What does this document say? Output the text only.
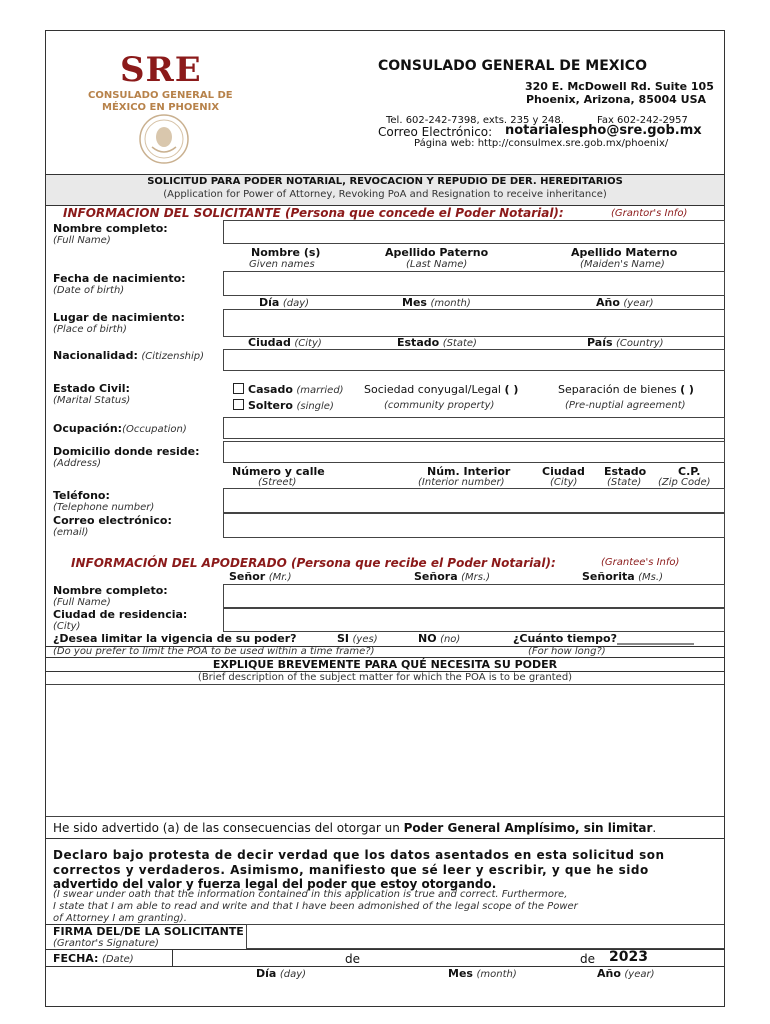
SRE
CONSULADO GENERAL DE
MÉXICO EN PHOENIX
CONSULADO GENERAL DE MEXICO
320 E. McDowell Rd. Suite 105
Phoenix, Arizona, 85004 USA
Tel. 602-242-7398, exts. 235 y 248.	Fax 602-242-2957
Correo Electrónico: notarialespho@sre.gob.mx
Página web: http://consulmex.sre.gob.mx/phoenix/
SOLICITUD PARA PODER NOTARIAL, REVOCACION Y REPUDIO DE DER. HEREDITARIOS
(Application for Power of Attorney, Revoking PoA and Resignation to receive inheritance)
INFORMACION DEL SOLICITANTE (Persona que concede el Poder Notarial):	(Grantor's Info)
Nombre completo:
(Full Name)
Nombre (s)
Given names
Apellido Paterno
(Last Name)
Apellido Materno
(Maiden's Name)
Fecha de nacimiento:
(Date of birth)
Día (day)	Mes (month)	Año (year)
Lugar de nacimiento:
(Place of birth)
Ciudad (City)	Estado (State)	País (Country)
Nacionalidad: (Citizenship)
Estado Civil:
(Marital Status)
Casado (married)
Soltero (single)
Sociedad conyugal/Legal ( )
(community property)
Separación de bienes ( )
(Pre-nuptial agreement)
Ocupación:(Occupation)
Domicilio donde reside:
(Address)
Número y calle
(Street)
Núm. Interior
(Interior number)
Ciudad
(City)
Estado
(State)
C.P.
(Zip Code)
Teléfono:
(Telephone number)
Correo electrónico:
(email)
INFORMACIÓN DEL APODERADO (Persona que recibe el Poder Notarial):	(Grantee's Info)
Señor (Mr.)	Señora (Mrs.)	Señorita (Ms.)
Nombre completo:
(Full Name)
Ciudad de residencia:
(City)
¿Desea limitar la vigencia de su poder?	SI (yes)	NO (no)	¿Cuánto tiempo?______________
(Do you prefer to limit the POA to be used within a time frame?)	(For how long?)
EXPLIQUE BREVEMENTE PARA QUÉ NECESITA SU PODER
(Brief description of the subject matter for which the POA is to be granted)
He sido advertido (a) de las consecuencias del otorgar un Poder General Amplísimo, sin limitar.
Declaro bajo protesta de decir verdad que los datos asentados en esta solicitud son
correctos y verdaderos. Asimismo, manifiesto que sé leer y escribir, y que he sido
advertido del valor y fuerza legal del poder que estoy otorgando.
(I swear under oath that the information contained in this application is true and correct. Furthermore,
I state that I am able to read and write and that I have been admonished of the legal scope of the Power
of Attorney I am granting).
FIRMA DEL/DE LA SOLICITANTE
(Grantor's Signature)
FECHA: (Date)	de	de 2023
Día (day)	Mes (month)	Año (year)
